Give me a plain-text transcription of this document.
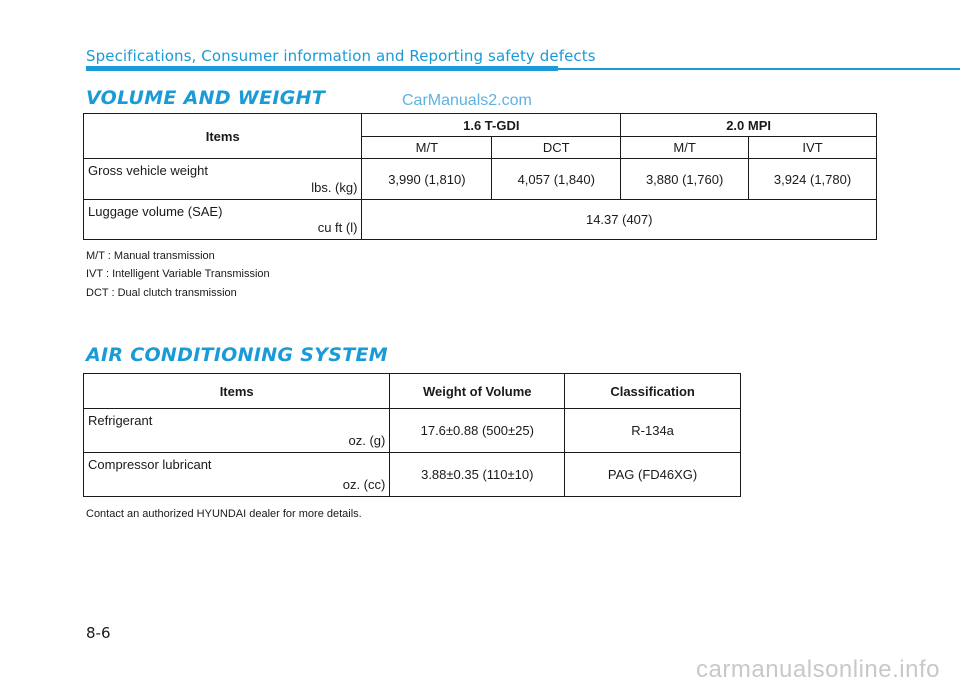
Specifications, Consumer information and Reporting safety defects
VOLUME AND WEIGHT	CarManuals2.com
Items	1.6 T-GDI		2.0 MPI	
	M/T	DCT	M/T	IVT

Gross vehicle weight
lbs. (kg)	3,990 (1,810)	4,057 (1,840)	3,880 (1,760)	3,924 (1,780)

Luggage volume (SAE)
cu ft (l)	14.37 (407)			
M/T : Manual transmission
IVT : Intelligent Variable Transmission
DCT : Dual clutch transmission
AIR CONDITIONING SYSTEM
Items	Weight of Volume	Classification

Refrigerant
oz. (g)	17.6±0.88 (500±25)	R-134a

Compressor lubricant
oz. (cc)	3.88±0.35 (110±10)	PAG (FD46XG)
Contact an authorized HYUNDAI dealer for more details.
8-6
carmanualsonline.info
